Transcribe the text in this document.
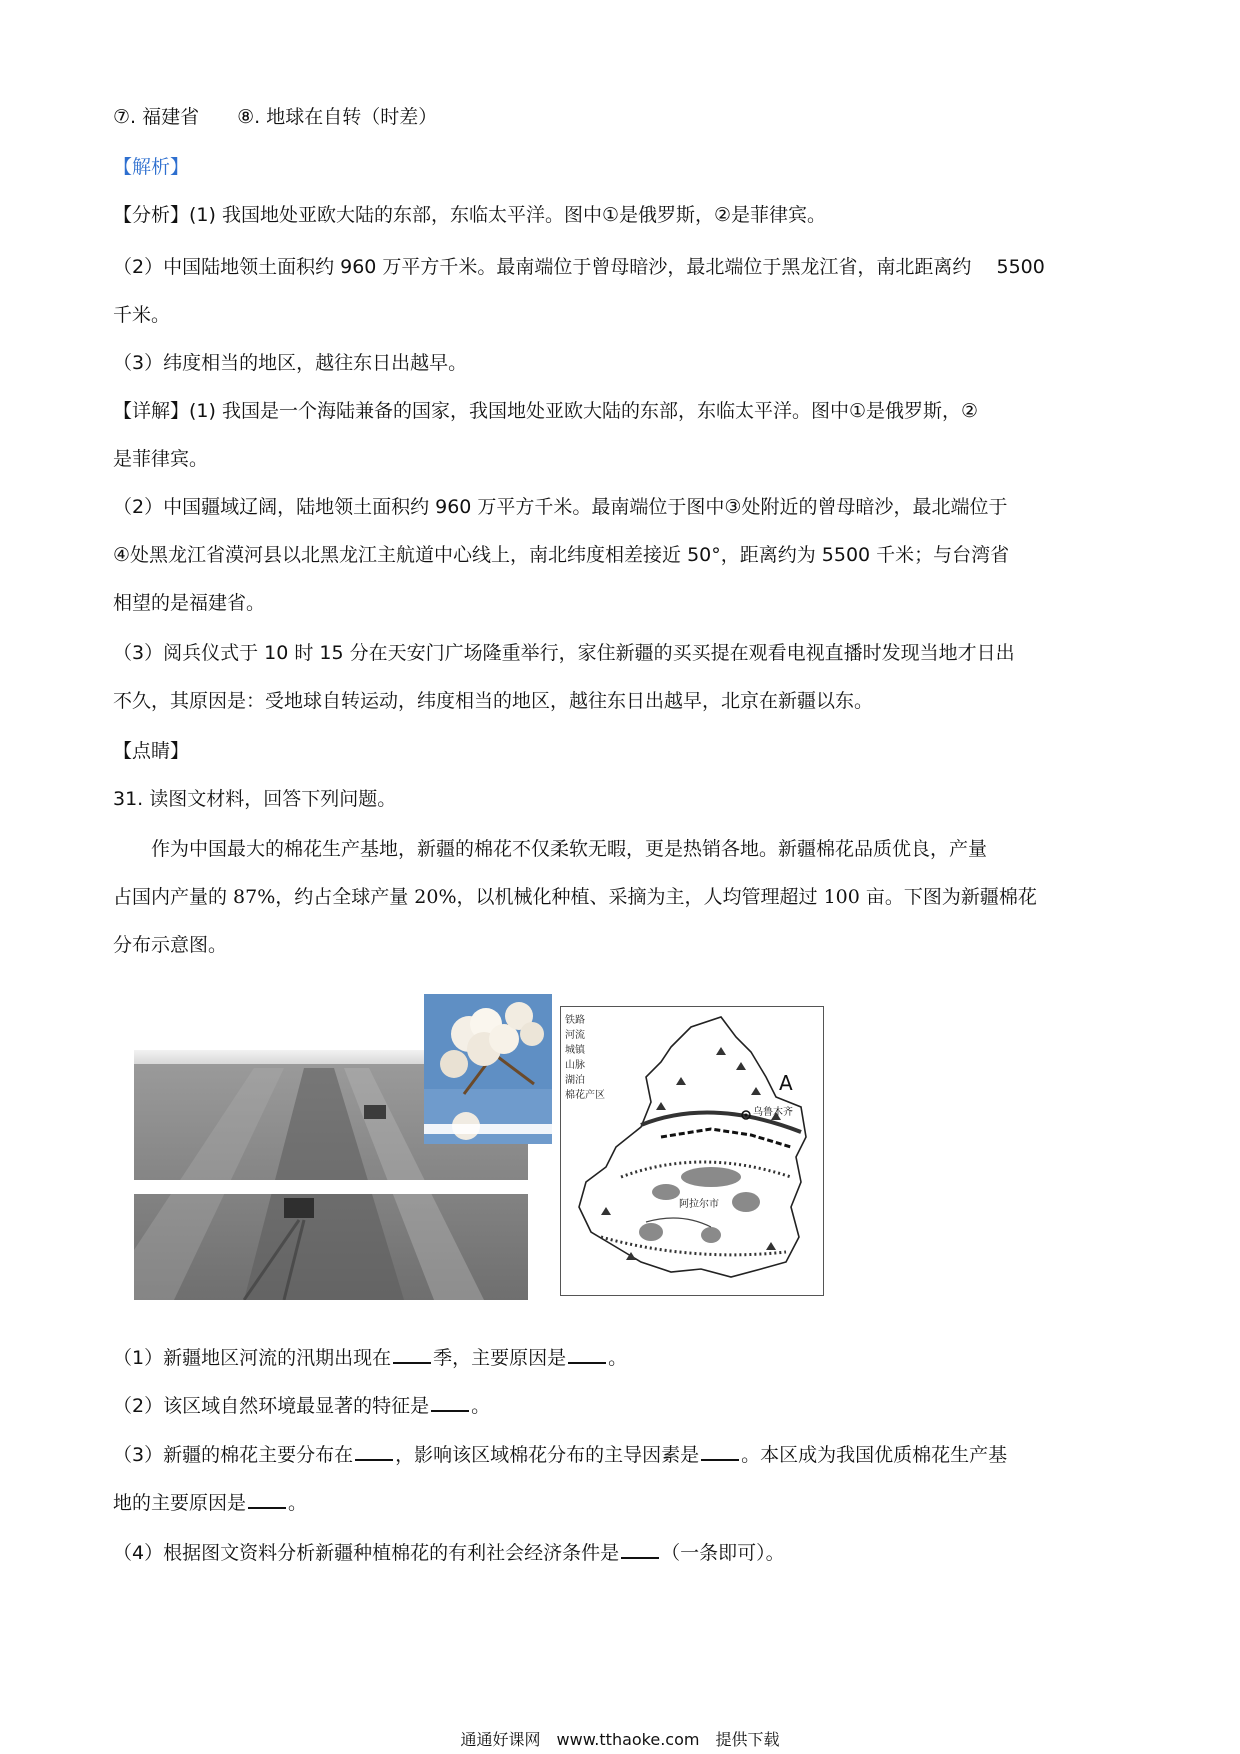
⑦. 福建省　　⑧. 地球在自转（时差）
【解析】
【分析】(1) 我国地处亚欧大陆的东部，东临太平洋。图中①是俄罗斯，②是菲律宾。
（2）中国陆地领土面积约 960 万平方千米。最南端位于曾母暗沙，最北端位于黑龙江省，南北距离约　 5500
千米。
（3）纬度相当的地区，越往东日出越早。
【详解】(1) 我国是一个海陆兼备的国家，我国地处亚欧大陆的东部，东临太平洋。图中①是俄罗斯，②
是菲律宾。
（2）中国疆域辽阔，陆地领土面积约 960 万平方千米。最南端位于图中③处附近的曾母暗沙，最北端位于
④处黑龙江省漠河县以北黑龙江主航道中心线上，南北纬度相差接近 50°，距离约为 5500 千米；与台湾省
相望的是福建省。
（3）阅兵仪式于 10 时 15 分在天安门广场隆重举行，家住新疆的买买提在观看电视直播时发现当地才日出
不久，其原因是：受地球自转运动，纬度相当的地区，越往东日出越早，北京在新疆以东。
【点睛】
31. 读图文材料，回答下列问题。
　　作为中国最大的棉花生产基地，新疆的棉花不仅柔软无暇，更是热销各地。新疆棉花品质优良，产量
占国内产量的 87%，约占全球产量 20%，以机械化种植、采摘为主，人均管理超过 100 亩。下图为新疆棉花
分布示意图。
铁路
河流
城镇
山脉
湖泊
棉花产区
A
乌鲁木齐
阿拉尔市
（1）新疆地区河流的汛期出现在 季，主要原因是 。
（2）该区域自然环境最显著的特征是 。
（3）新疆的棉花主要分布在 ，影响该区域棉花分布的主导因素是 。本区成为我国优质棉花生产基
地的主要原因是 。
（4）根据图文资料分析新疆种植棉花的有利社会经济条件是 （一条即可）。
通通好课网　www.tthaoke.com　提供下载
